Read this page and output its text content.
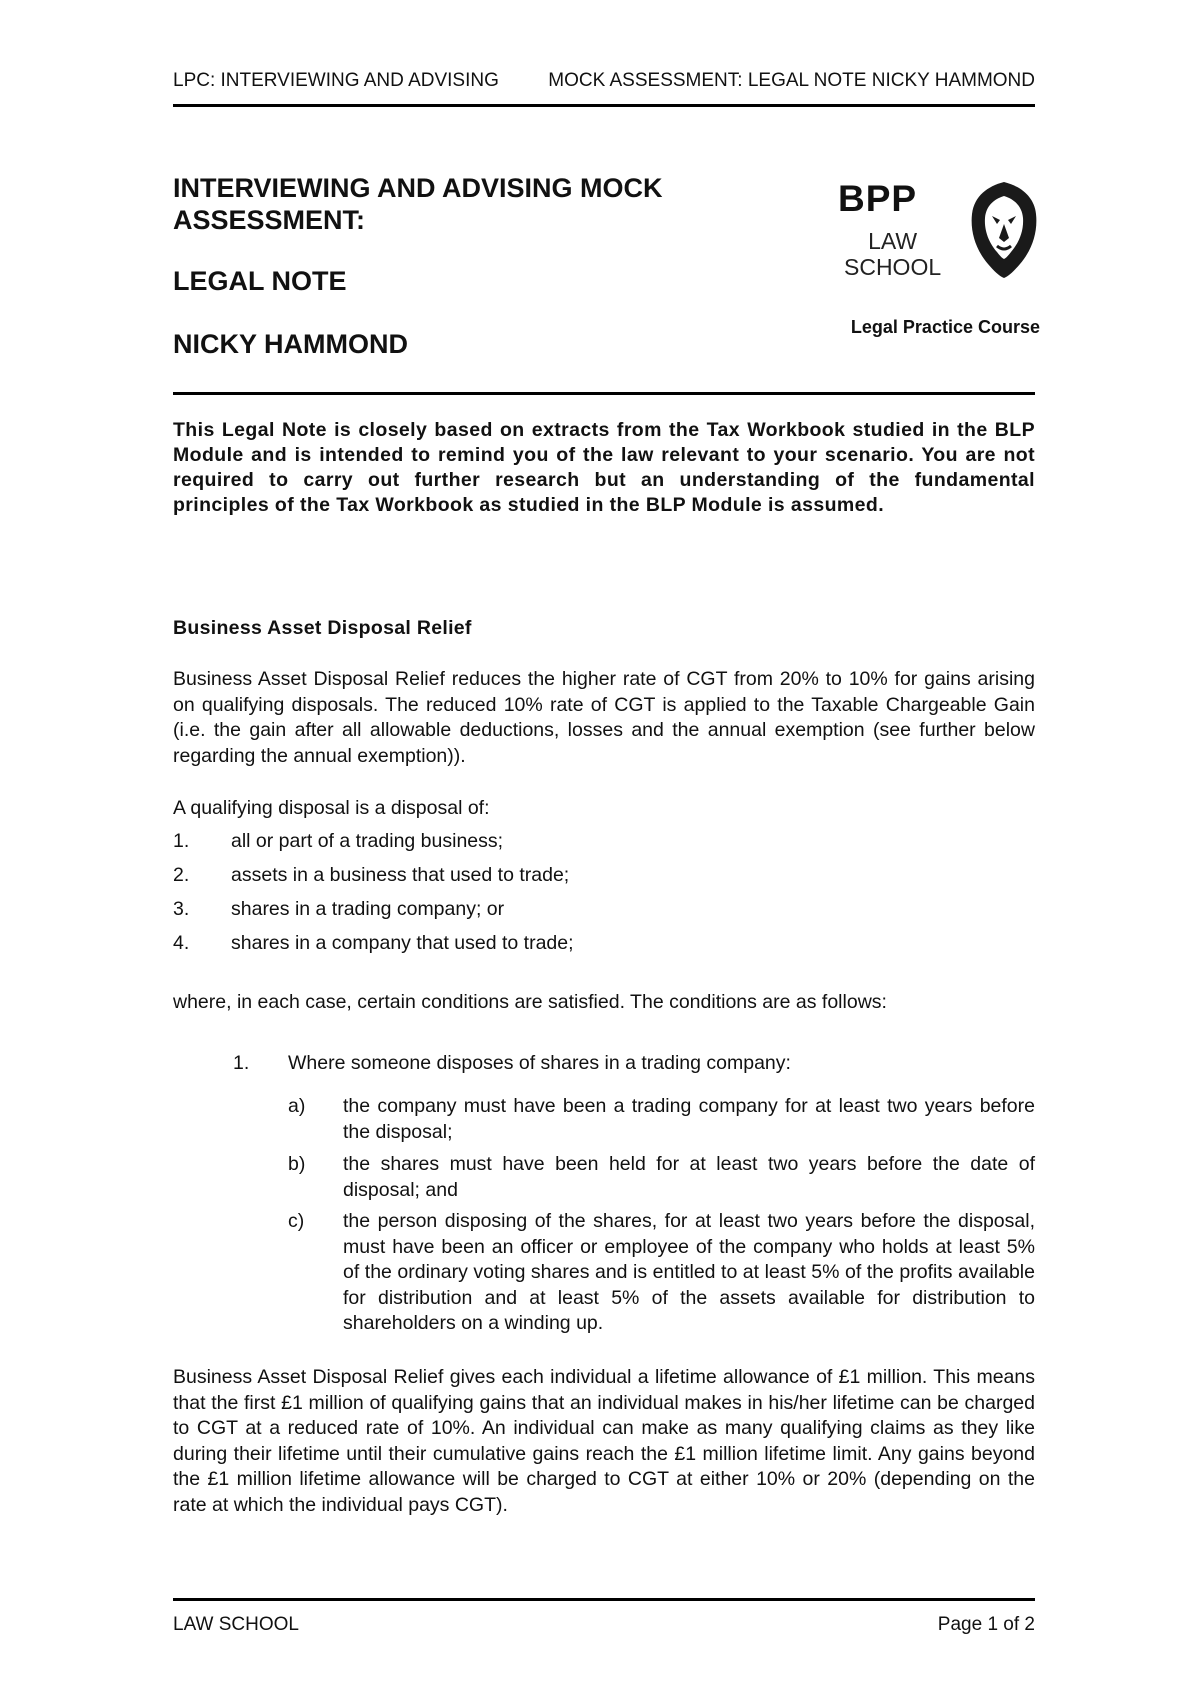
LPC: INTERVIEWING AND ADVISING	MOCK ASSESSMENT: LEGAL NOTE NICKY HAMMOND
INTERVIEWING AND ADVISING MOCK
ASSESSMENT:
LEGAL NOTE
NICKY HAMMOND
BPP
LAW
SCHOOL
Legal Practice Course
This Legal Note is closely based on extracts from the Tax Workbook studied in the BLP Module and is intended to remind you of the law relevant to your scenario. You are not required to carry out further research but an understanding of the fundamental principles of the Tax Workbook as studied in the BLP Module is assumed.
Business Asset Disposal Relief
Business Asset Disposal Relief reduces the higher rate of CGT from 20% to 10% for gains arising on qualifying disposals. The reduced 10% rate of CGT is applied to the Taxable Chargeable Gain (i.e. the gain after all allowable deductions, losses and the annual exemption (see further below regarding the annual exemption)).
A qualifying disposal is a disposal of:
1. all or part of a trading business;
2. assets in a business that used to trade;
3. shares in a trading company; or
4. shares in a company that used to trade;
where, in each case, certain conditions are satisfied. The conditions are as follows:
1. Where someone disposes of shares in a trading company:
a) the company must have been a trading company for at least two years before the disposal;
b) the shares must have been held for at least two years before the date of disposal; and
c) the person disposing of the shares, for at least two years before the disposal, must have been an officer or employee of the company who holds at least 5% of the ordinary voting shares and is entitled to at least 5% of the profits available for distribution and at least 5% of the assets available for distribution to shareholders on a winding up.
Business Asset Disposal Relief gives each individual a lifetime allowance of £1 million. This means that the first £1 million of qualifying gains that an individual makes in his/her lifetime can be charged to CGT at a reduced rate of 10%. An individual can make as many qualifying claims as they like during their lifetime until their cumulative gains reach the £1 million lifetime limit. Any gains beyond the £1 million lifetime allowance will be charged to CGT at either 10% or 20% (depending on the rate at which the individual pays CGT).
LAW SCHOOL	Page 1 of 2
